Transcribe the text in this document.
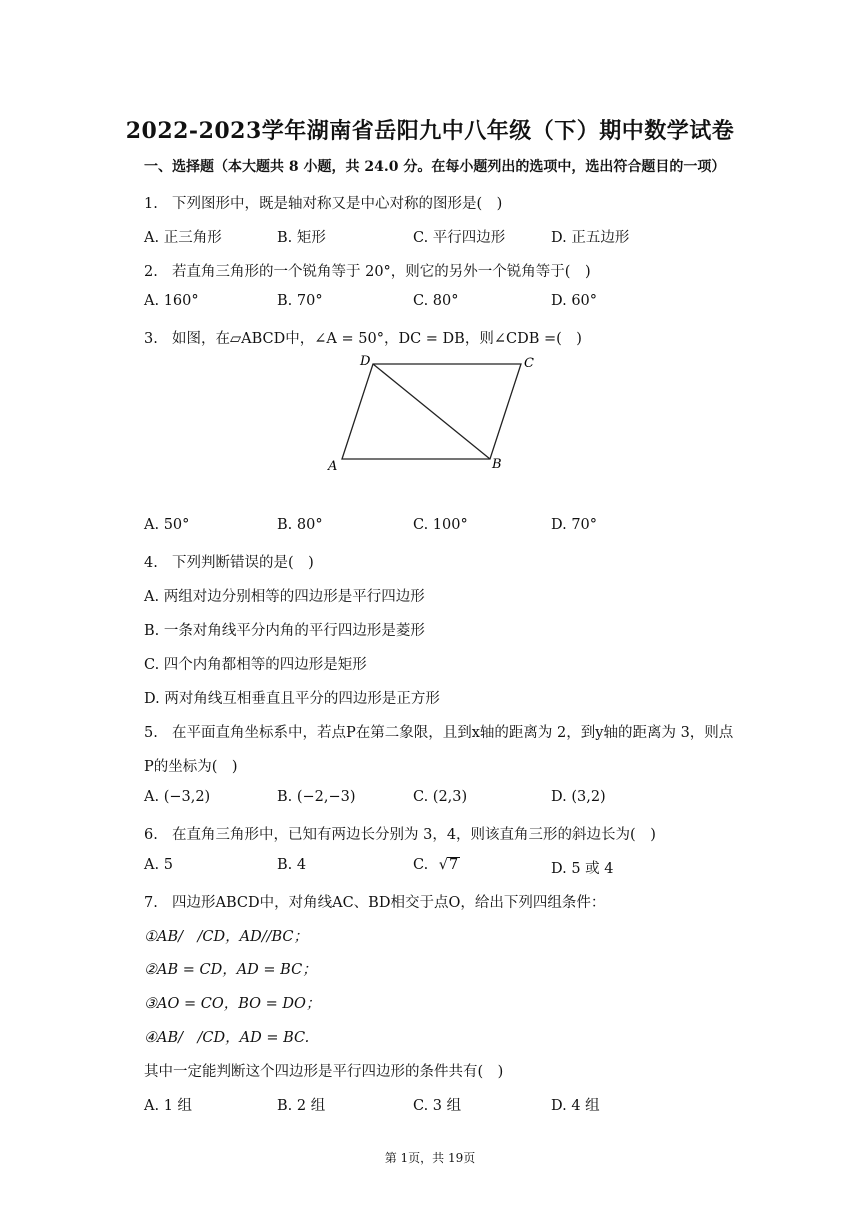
2022-2023学年湖南省岳阳九中八年级（下）期中数学试卷
一、选择题（本大题共 8 小题，共 24.0 分。在每小题列出的选项中，选出符合题目的一项）
1. 下列图形中，既是轴对称又是中心对称的图形是(　)
A. 正三角形	B. 矩形	C. 平行四边形	D. 正五边形
2. 若直角三角形的一个锐角等于 20°，则它的另外一个锐角等于(　)
A. 160°	B. 70°	C. 80°	D. 60°
3. 如图，在▱ABCD中，∠A = 50°，DC = DB，则∠CDB =(　)
D	C
A	B
A. 50°	B. 80°	C. 100°	D. 70°
4. 下列判断错误的是(　)
A. 两组对边分别相等的四边形是平行四边形
B. 一条对角线平分内角的平行四边形是菱形
C. 四个内角都相等的四边形是矩形
D. 两对角线互相垂直且平分的四边形是正方形
5. 在平面直角坐标系中，若点P在第二象限，且到x轴的距离为 2，到y轴的距离为 3，则点
P的坐标为(　)
A. (−3,2)	B. (−2,−3)	C. (2,3)	D. (3,2)
6. 在直角三角形中，已知有两边长分别为 3，4，则该直角三形的斜边长为(　)
A. 5	B. 4	C. √7	D. 5 或 4
7. 四边形ABCD中，对角线AC、BD相交于点O，给出下列四组条件：
①AB/　/CD，AD//BC；
②AB = CD，AD = BC；
③AO = CO，BO = DO；
④AB/　/CD，AD = BC.
其中一定能判断这个四边形是平行四边形的条件共有(　)
A. 1 组	B. 2 组	C. 3 组	D. 4 组
第 1页，共 19页
